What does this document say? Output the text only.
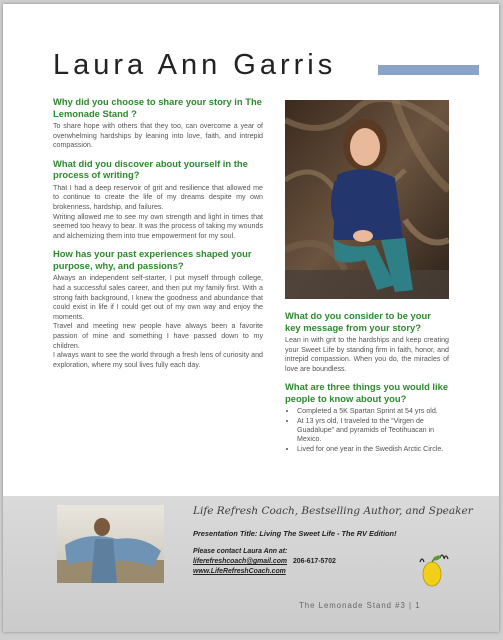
Laura Ann Garris
Why did you choose to share your story in The Lemonade Stand ?

To share hope with others that they too, can overcome a year of overwhelming hardships by leaning into love, faith, and intrepid compassion.

What did you discover about yourself in the process of writing?

That I had a deep reservoir of grit and resilience that allowed me to continue to create the life of my dreams despite my own brokenness, hardship, and failures.

Writing allowed me to see my own strength and light in times that seemed too heavy to bear. It was the process of taking my wounds and alchemizing them into true empowerment for my soul.

How has your past experiences shaped your purpose, why, and passions?

Always an independent self-starter, I put myself through college, had a successful sales career, and then put my family first. With a strong faith background, I knew the goodness and abundance that could exist in life if I could get out of my own way and enjoy the moments.

Travel and meeting new people have always been a favorite passion of mine and something I have passed down to my children.

I always want to see the world through a fresh lens of curiosity and exploration, where my soul lives fully each day.

What do you consider to be your key message from your story?

Lean in with grit to the hardships and keep creating your Sweet Life by standing firm in faith, honor, and intrepid compassion. When you do, the miracles of love are boundless.

What are three things you would like people to know about you?
• Completed a 5K Spartan Sprint at 54 yrs old.
• At 13 yrs old, I traveled to the “Virgen de Guadalupe” and pyramids of Teotihuacan in Mexico.
• Lived for one year in the Swedish Arctic Circle.
Life Refresh Coach, Bestselling Author, and Speaker
Presentation Title: Living The Sweet Life - The RV Edition!
Please contact Laura Ann at:
liferefreshcoach@gmail.com 206-617-5702
www.LifeRefreshCoach.com
The Lemonade Stand #3 | 1
